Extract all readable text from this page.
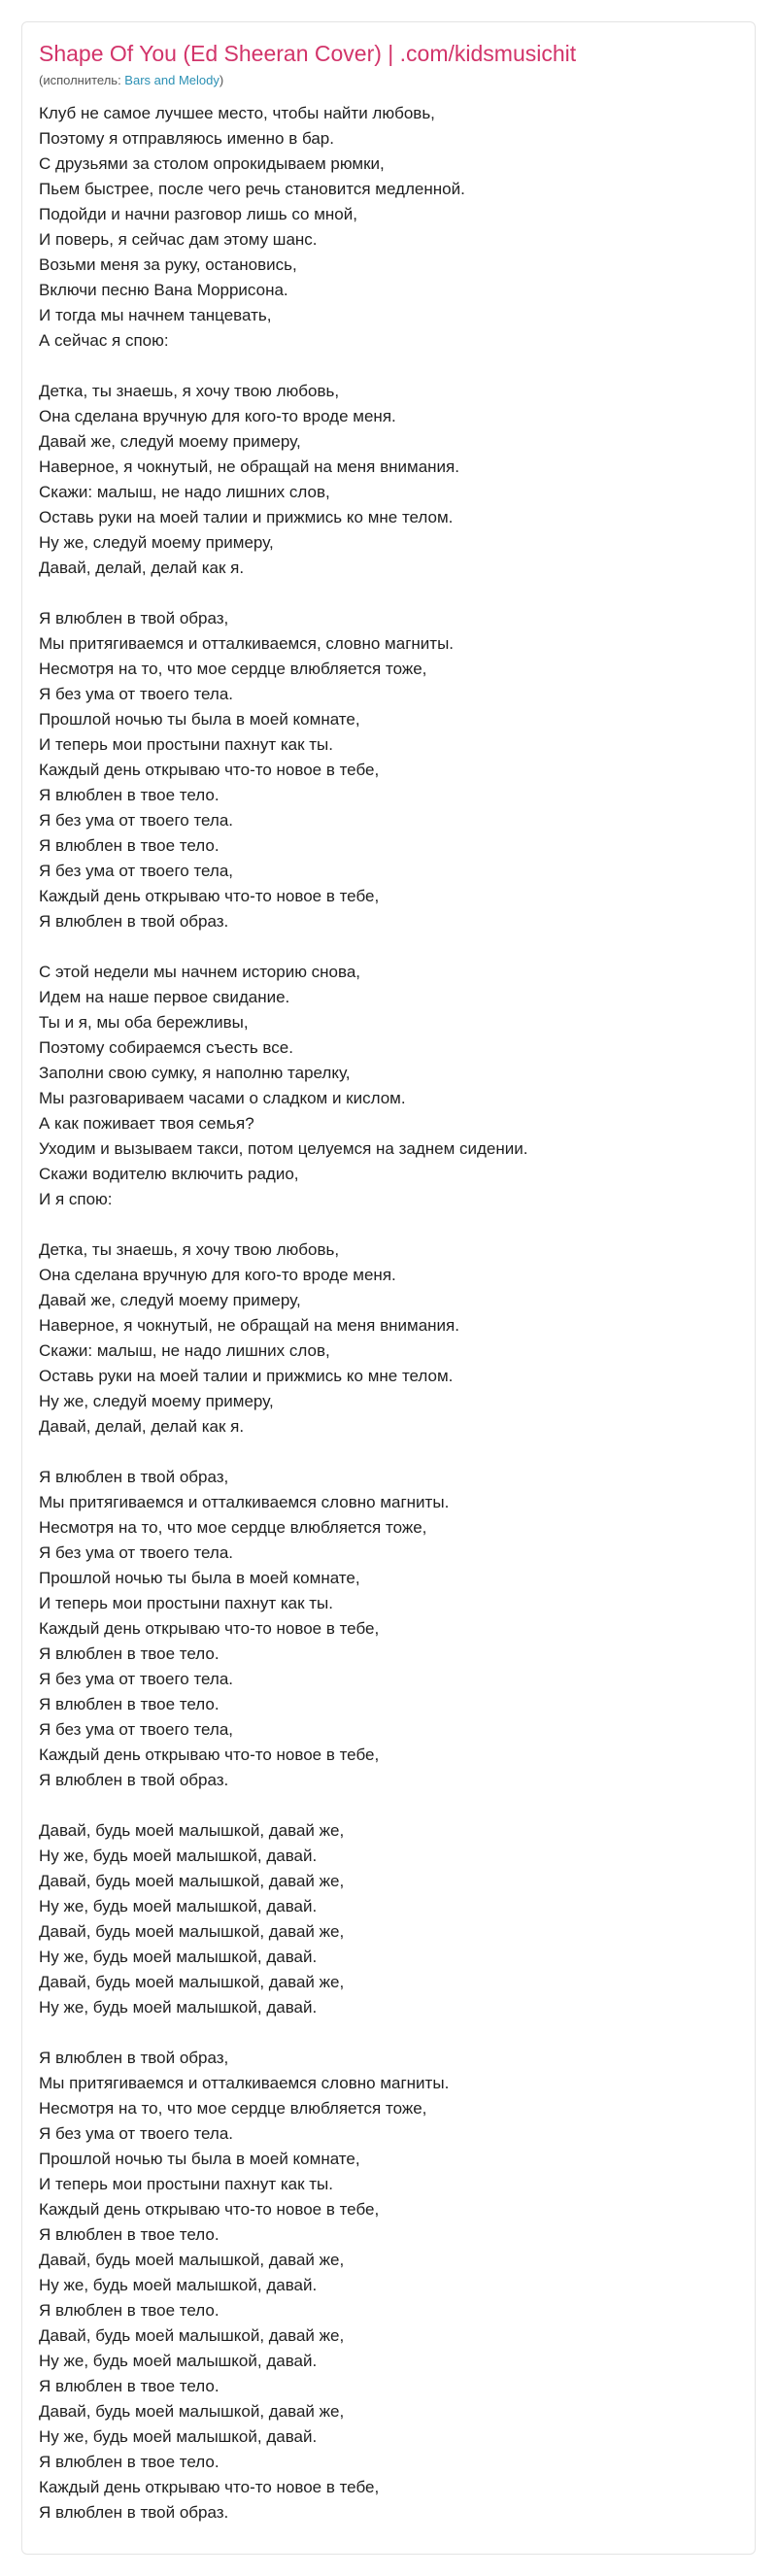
Shape Of You (Ed Sheeran Cover) | .com/kidsmusichit
(исполнитель: Bars and Melody)
Клуб не самое лучшее место, чтобы найти любовь,
Поэтому я отправляюсь именно в бар.
С друзьями за столом опрокидываем рюмки,
Пьем быстрее, после чего речь становится медленной.
Подойди и начни разговор лишь со мной,
И поверь, я сейчас дам этому шанс.
Возьми меня за руку, остановись,
Включи песню Вана Моррисона.
И тогда мы начнем танцевать,
А сейчас я спою:
Детка, ты знаешь, я хочу твою любовь,
Она сделана вручную для кого-то вроде меня.
Давай же, следуй моему примеру,
Наверное, я чокнутый, не обращай на меня внимания.
Скажи: малыш, не надо лишних слов,
Оставь руки на моей талии и прижмись ко мне телом.
Ну же, следуй моему примеру,
Давай, делай, делай как я.
Я влюблен в твой образ,
Мы притягиваемся и отталкиваемся, словно магниты.
Несмотря на то, что мое сердце влюбляется тоже,
Я без ума от твоего тела.
Прошлой ночью ты была в моей комнате,
И теперь мои простыни пахнут как ты.
Каждый день открываю что-то новое в тебе,
Я влюблен в твое тело.
Я без ума от твоего тела.
Я влюблен в твое тело.
Я без ума от твоего тела,
Каждый день открываю что-то новое в тебе,
Я влюблен в твой образ.
С этой недели мы начнем историю снова,
Идем на наше первое свидание.
Ты и я, мы оба бережливы,
Поэтому собираемся съесть все.
Заполни свою сумку, я наполню тарелку,
Мы разговариваем часами о сладком и кислом.
А как поживает твоя семья?
Уходим и вызываем такси, потом целуемся на заднем сидении.
Скажи водителю включить радио,
И я спою:
Детка, ты знаешь, я хочу твою любовь,
Она сделана вручную для кого-то вроде меня.
Давай же, следуй моему примеру,
Наверное, я чокнутый, не обращай на меня внимания.
Скажи: малыш, не надо лишних слов,
Оставь руки на моей талии и прижмись ко мне телом.
Ну же, следуй моему примеру,
Давай, делай, делай как я.
Я влюблен в твой образ,
Мы притягиваемся и отталкиваемся словно магниты.
Несмотря на то, что мое сердце влюбляется тоже,
Я без ума от твоего тела.
Прошлой ночью ты была в моей комнате,
И теперь мои простыни пахнут как ты.
Каждый день открываю что-то новое в тебе,
Я влюблен в твое тело.
Я без ума от твоего тела.
Я влюблен в твое тело.
Я без ума от твоего тела,
Каждый день открываю что-то новое в тебе,
Я влюблен в твой образ.
Давай, будь моей малышкой, давай же,
Ну же, будь моей малышкой, давай.
Давай, будь моей малышкой, давай же,
Ну же, будь моей малышкой, давай.
Давай, будь моей малышкой, давай же,
Ну же, будь моей малышкой, давай.
Давай, будь моей малышкой, давай же,
Ну же, будь моей малышкой, давай.
Я влюблен в твой образ,
Мы притягиваемся и отталкиваемся словно магниты.
Несмотря на то, что мое сердце влюбляется тоже,
Я без ума от твоего тела.
Прошлой ночью ты была в моей комнате,
И теперь мои простыни пахнут как ты.
Каждый день открываю что-то новое в тебе,
Я влюблен в твое тело.
Давай, будь моей малышкой, давай же,
Ну же, будь моей малышкой, давай.
Я влюблен в твое тело.
Давай, будь моей малышкой, давай же,
Ну же, будь моей малышкой, давай.
Я влюблен в твое тело.
Давай, будь моей малышкой, давай же,
Ну же, будь моей малышкой, давай.
Я влюблен в твое тело.
Каждый день открываю что-то новое в тебе,
Я влюблен в твой образ.
